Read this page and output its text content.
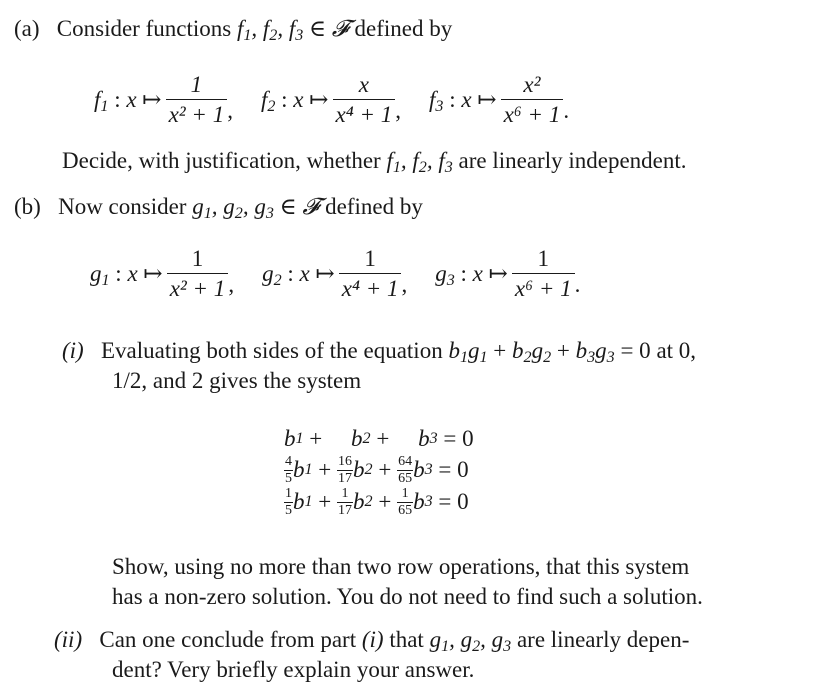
(a) Consider functions $f_1$, $f_2$, $f_3$ ∈ 𝓕 defined by
$f_1$ : x ↦ $\frac{1}{\text{x² + 1}}$ , $f_2$ : x ↦ $\frac{x}{\text{x⁴ + 1}}$ , $f_3$ : x ↦ $\frac{\text{x²}}{\text{x⁶ + 1}}$ .
Decide, with justification, whether $f_1$, $f_2$, $f_3$ are linearly independent.
(b) Now consider $g_1$, $g_2$, $g_3$ ∈ 𝓕 defined by
$g_1$ : x ↦ $\frac{1}{\text{x² + 1}}$ , $g_2$ : x ↦ $\frac{1}{\text{x⁴ + 1}}$ , $g_3$ : x ↦ $\frac{1}{\text{x⁶ + 1}}$ .
(i) Evaluating both sides of the equation $b_1g_1 + b_2g_2 + b_3g_3 = 0$ at 0,
1/2, and 2 gives the system
b 1 + b 2 + b 3 = 0
4
5 b 1 + 16
17 b 2 + 64
65 b 3 = 0
1
5 b 1 + 1
17 b 2 + 1
65 b 3 = 0
Show, using no more than two row operations, that this system
has a non-zero solution. You do not need to find such a solution.
(ii) Can one conclude from part (i) that $g_1$, $g_2$, $g_3$ are linearly depen-
dent? Very briefly explain your answer.
